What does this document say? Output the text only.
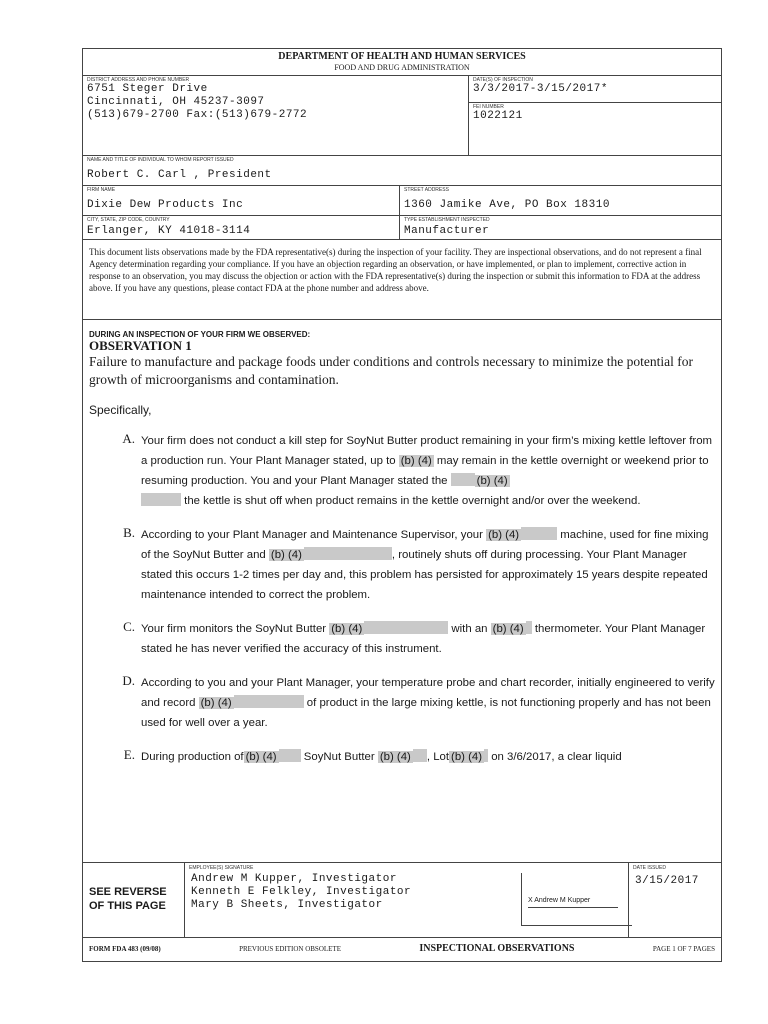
DEPARTMENT OF HEALTH AND HUMAN SERVICES
FOOD AND DRUG ADMINISTRATION
DISTRICT ADDRESS AND PHONE NUMBER
6751 Steger Drive
Cincinnati, OH 45237-3097
(513)679-2700 Fax:(513)679-2772
DATE(S) OF INSPECTION
3/3/2017-3/15/2017*
FEI NUMBER
1022121
NAME AND TITLE OF INDIVIDUAL TO WHOM REPORT ISSUED
Robert C. Carl , President
FIRM NAME
Dixie Dew Products Inc
STREET ADDRESS
1360 Jamike Ave, PO Box 18310
CITY, STATE, ZIP CODE, COUNTRY
Erlanger, KY 41018-3114
TYPE ESTABLISHMENT INSPECTED
Manufacturer
This document lists observations made by the FDA representative(s) during the inspection of your facility. They are inspectional observations, and do not represent a final Agency determination regarding your compliance. If you have an objection regarding an observation, or have implemented, or plan to implement, corrective action in response to an observation, you may discuss the objection or action with the FDA representative(s) during the inspection or submit this information to FDA at the address above. If you have any questions, please contact FDA at the phone number and address above.
DURING AN INSPECTION OF YOUR FIRM WE OBSERVED:
OBSERVATION 1
Failure to manufacture and package foods under conditions and controls necessary to minimize the potential for growth of microorganisms and contamination.
Specifically,
A. Your firm does not conduct a kill step for SoyNut Butter product remaining in your firm’s mixing kettle leftover from a production run. Your Plant Manager stated, up to (b) (4) may remain in the kettle overnight or weekend prior to resuming production. You and your Plant Manager stated the (b) (4)
the kettle is shut off when product remains in the kettle overnight and/or over the weekend.
B. According to your Plant Manager and Maintenance Supervisor, your (b) (4)	machine, used for fine mixing of the SoyNut Butter and (b) (4)	, routinely shuts off during processing. Your Plant Manager stated this occurs 1-2 times per day and, this problem has persisted for approximately 15 years despite repeated maintenance intended to correct the problem.
C. Your firm monitors the SoyNut Butter (b) (4)	with an (b) (4) thermometer. Your Plant Manager stated he has never verified the accuracy of this instrument.
D. According to you and your Plant Manager, your temperature probe and chart recorder, initially engineered to verify and record (b) (4)	of product in the large mixing kettle, is not functioning properly and has not been used for well over a year.
E. During production of (b) (4) SoyNut Butter (b) (4) , Lot (b) (4) on 3/6/2017, a clear liquid
SEE REVERSE OF THIS PAGE
EMPLOYEE(S) SIGNATURE
Andrew M Kupper, Investigator
Kenneth E Felkley, Investigator
Mary B Sheets, Investigator	X Andrew M Kupper
DATE ISSUED
3/15/2017
FORM FDA 483 (09/08)	PREVIOUS EDITION OBSOLETE	INSPECTIONAL OBSERVATIONS	PAGE 1 OF 7 PAGES
